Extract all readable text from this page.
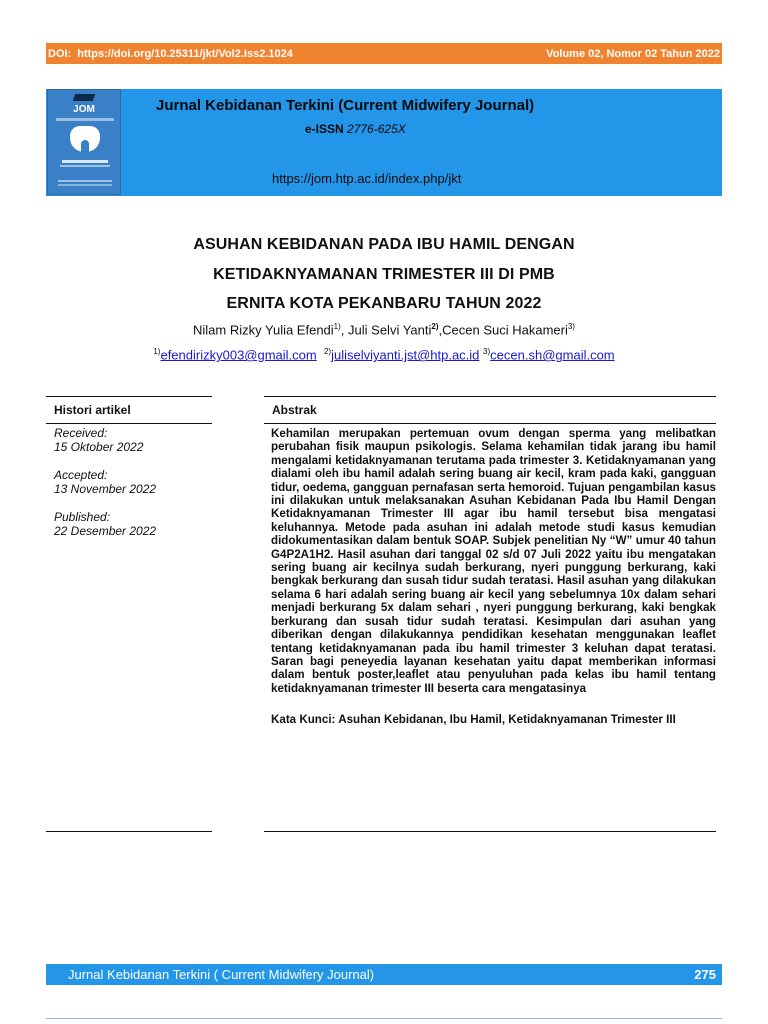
DOI: https://doi.org/10.25311/jkt/Vol2.Iss2.1024	Volume 02, Nomor 02 Tahun 2022
JOM	Jurnal Kebidanan Terkini (Current Midwifery Journal)
e-ISSN 2776-625X
https://jom.htp.ac.id/index.php/jkt
ASUHAN KEBIDANAN PADA IBU HAMIL DENGAN
KETIDAKNYAMANAN TRIMESTER III DI PMB
ERNITA KOTA PEKANBARU TAHUN 2022
Nilam Rizky Yulia Efendi$^{1)}$, Juli Selvi Yanti$^{2)}$,Cecen Suci Hakameri$^{3)}$
$^{1)}$efendirizky003@gmail.com $^{2)}$juliselviyanti.jst@htp.ac.id $^{3)}$cecen.sh@gmail.com
Histori artikel
Received:
15 Oktober 2022
Accepted:
13 November 2022
Published:
22 Desember 2022
Abstrak
Kehamilan merupakan pertemuan ovum dengan sperma yang melibatkan perubahan fisik maupun psikologis. Selama kehamilan tidak jarang ibu hamil mengalami ketidaknyamanan terutama pada trimester 3. Ketidaknyamanan yang dialami oleh ibu hamil adalah sering buang air kecil, kram pada kaki, gangguan tidur, oedema, gangguan pernafasan serta hemoroid. Tujuan pengambilan kasus ini dilakukan untuk melaksanakan Asuhan Kebidanan Pada Ibu Hamil Dengan Ketidaknyamanan Trimester III agar ibu hamil tersebut bisa mengatasi keluhannya. Metode pada asuhan ini adalah metode studi kasus kemudian didokumentasikan dalam bentuk SOAP. Subjek penelitian Ny “W” umur 40 tahun G4P2A1H2. Hasil asuhan dari tanggal 02 s/d 07 Juli 2022 yaitu ibu mengatakan sering buang air kecilnya sudah berkurang, nyeri punggung berkurang, kaki bengkak berkurang dan susah tidur sudah teratasi. Hasil asuhan yang dilakukan selama 6 hari adalah sering buang air kecil yang sebelumnya 10x dalam sehari menjadi berkurang 5x dalam sehari , nyeri punggung berkurang, kaki bengkak berkurang dan susah tidur sudah teratasi. Kesimpulan dari asuhan yang diberikan dengan dilakukannya pendidikan kesehatan menggunakan leaflet tentang ketidaknyamanan pada ibu hamil trimester 3 keluhan dapat teratasi. Saran bagi peneyedia layanan kesehatan yaitu dapat memberikan informasi dalam bentuk poster,leaflet atau penyuluhan pada kelas ibu hamil tentang ketidaknyamanan trimester III beserta cara mengatasinya
Kata Kunci: Asuhan Kebidanan, Ibu Hamil, Ketidaknyamanan Trimester III
Jurnal Kebidanan Terkini ( Current Midwifery Journal)	275
